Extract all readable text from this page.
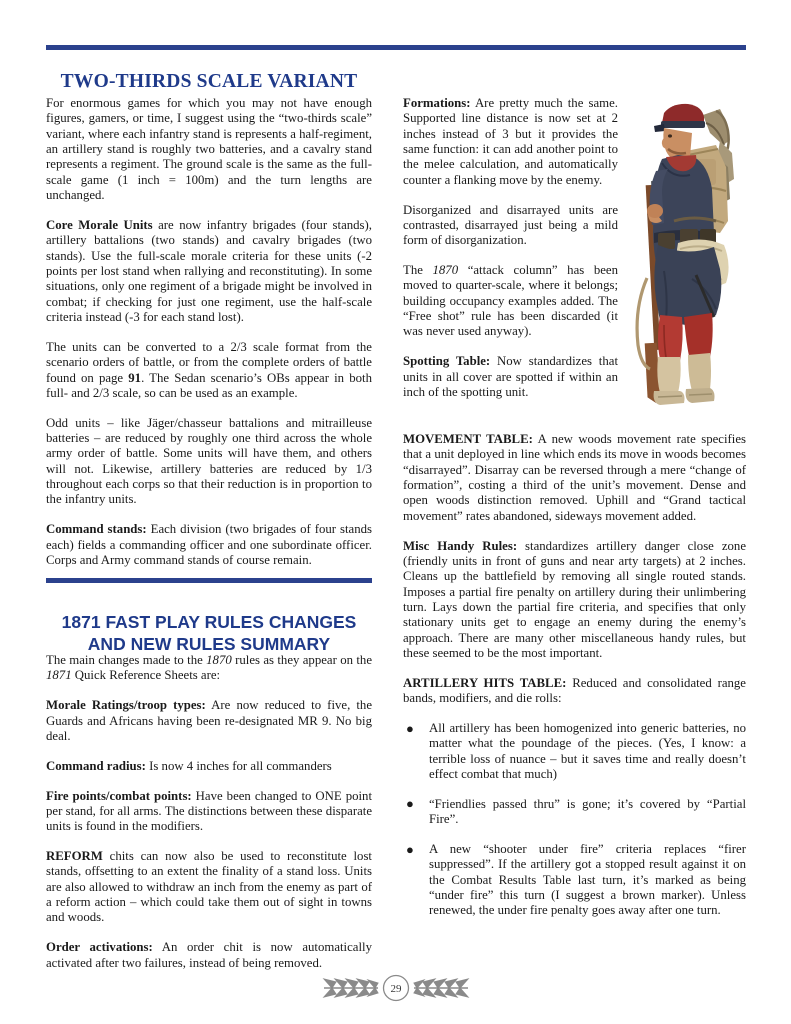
TWO-THIRDS SCALE VARIANT

For enormous games for which you may not have enough figures, gamers, or time, I suggest using the “two-thirds scale” variant, where each infantry stand is represents a half-regiment, an artillery stand is roughly two batteries, and a cavalry stand represents a regiment. The ground scale is the same as the full-scale game (1 inch = 100m) and the turn lengths are unchanged.

Core Morale Units are now infantry brigades (four stands), artillery battalions (two stands) and cavalry brigades (two stands). Use the full-scale morale criteria for these units (-2 points per lost stand when rallying and reconstituting). In some situations, only one regiment of a brigade might be involved in combat; if checking for just one regiment, use the half-scale criteria instead (-3 for each stand lost).

The units can be converted to a 2/3 scale format from the scenario orders of battle, or from the complete orders of battle found on page 91. The Sedan scenario’s OBs appear in both full- and 2/3 scale, so can be used as an example.

Odd units – like Jäger/chasseur battalions and mitrailleuse batteries – are reduced by roughly one third across the whole army order of battle. Some units will have them, and others will not. Likewise, artillery batteries are reduced by 1/3 throughout each corps so that their reduction is in proportion to the infantry units.

Command stands: Each division (two brigades of four stands each) fields a commanding officer and one subordinate officer. Corps and Army command stands of course remain.

1871 FAST PLAY RULES CHANGES
AND NEW RULES SUMMARY

The main changes made to the 1870 rules as they appear on the 1871 Quick Reference Sheets are:

Morale Ratings/troop types: Are now reduced to five, the Guards and Africans having been re-designated MR 9. No big deal.

Command radius: Is now 4 inches for all commanders

Fire points/combat points: Have been changed to ONE point per stand, for all arms. The distinctions between these disparate units is found in the modifiers.

REFORM chits can now also be used to reconstitute lost stands, offsetting to an extent the finality of a stand loss. Units are also allowed to withdraw an inch from the enemy as part of a reform action – which could take them out of sight in towns and woods.

Order activations: An order chit is now automatically activated after two failures, instead of being removed.

Formations: Are pretty much the same. Supported line distance is now set at 2 inches instead of 3 but it provides the same function: it can add another point to the melee calculation, and automatically counter a flanking move by the enemy.

Disorganized and disarrayed units are contrasted, disarrayed just being a mild form of disorganization.

The 1870 “attack column” has been moved to quarter-scale, where it belongs; building occupancy examples added. The “Free shot” rule has been discarded (it was never used anyway).

Spotting Table: Now standardizes that units in all cover are spotted if within an inch of the spotting unit.

MOVEMENT TABLE: A new woods movement rate specifies that a unit deployed in line which ends its move in woods becomes “disarrayed”. Disarray can be reversed through a mere “change of formation”, costing a third of the unit’s movement. Dense and open woods distinction removed. Uphill and “Grand tactical movement” rates abandoned, sideways movement added.

Misc Handy Rules: standardizes artillery danger close zone (friendly units in front of guns and near arty targets) at 2 inches. Cleans up the battlefield by removing all single routed stands. Imposes a partial fire penalty on artillery during their unlimbering turn. Lays down the partial fire criteria, and specifies that only stationary units get to engage an enemy during the enemy’s approach. There are many other miscellaneous handy rules, but these seemed to be the most important.

ARTILLERY HITS TABLE: Reduced and consolidated range bands, modifiers, and die rolls:

● All artillery has been homogenized into generic batteries, no matter what the poundage of the pieces. (Yes, I know: a terrible loss of nuance – but it saves time and really doesn’t effect combat that much)
● “Friendlies passed thru” is gone; it’s covered by “Partial Fire”.
● A new “shooter under fire” criteria replaces “firer suppressed”. If the artillery got a stopped result against it on the Combat Results Table last turn, it’s marked as being “under fire” this turn (I suggest a brown marker). Unless renewed, the under fire penalty goes away after one turn.
29
